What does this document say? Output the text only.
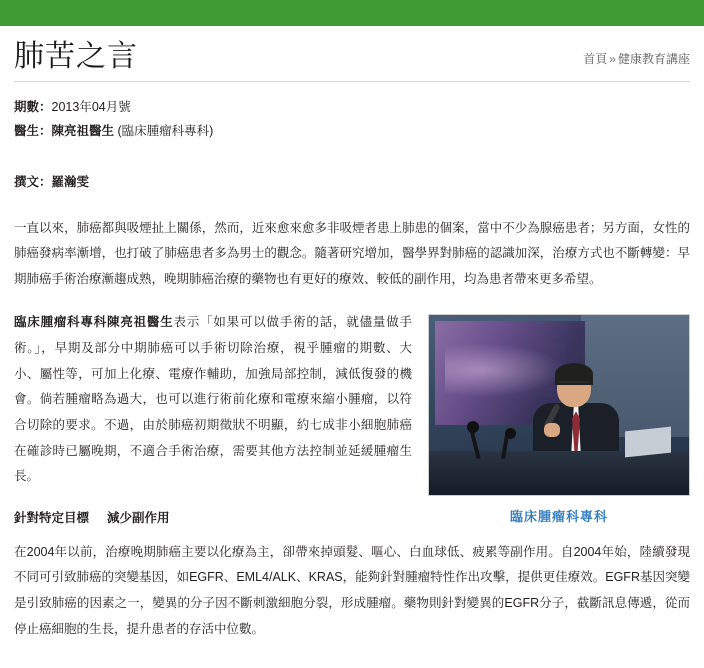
肺苦之言	首頁 » 健康教育講座
期數：2013年04月號
醫生：陳亮祖醫生 (臨床腫瘤科專科)
撰文：羅瀚雯

一直以來，肺癌都與吸煙扯上關係，然而，近來愈來愈多非吸煙者患上肺患的個案，當中不少為腺癌患者；另方面，女性的肺癌發病率漸增，也打破了肺癌患者多為男士的觀念。隨著研究增加，醫學界對肺癌的認識加深，治療方式也不斷轉變：早期肺癌手術治療漸趨成熟，晚期肺癌治療的藥物也有更好的療效、較低的副作用，均為患者帶來更多希望。

臨床腫瘤科專科

臨床腫瘤科專科陳亮祖醫生表示「如果可以做手術的話，就儘量做手術。」，早期及部分中期肺癌可以手術切除治療，視乎腫瘤的期數、大小、屬性等，可加上化療、電療作輔助，加強局部控制，減低復發的機會。倘若腫瘤略為過大，也可以進行術前化療和電療來縮小腫瘤，以符合切除的要求。不過，由於肺癌初期徵狀不明顯，約七成非小細胞肺癌在確診時已屬晚期，不適合手術治療，需要其他方法控制並延緩腫瘤生長。

針對特定目標 減少副作用

在2004年以前，治療晚期肺癌主要以化療為主，卻帶來掉頭髮、嘔心、白血球低、疲累等副作用。自2004年始，陸續發現不同可引致肺癌的突變基因，如EGFR、EML4/ALK、KRAS，能夠針對腫瘤特性作出攻擊，提供更佳療效。EGFR基因突變是引致肺癌的因素之一，變異的分子因不斷刺激細胞分裂，形成腫瘤。藥物則針對變異的EGFR分子，截斷訊息傳遞，從而停止癌細胞的生長，提升患者的存活中位數。
